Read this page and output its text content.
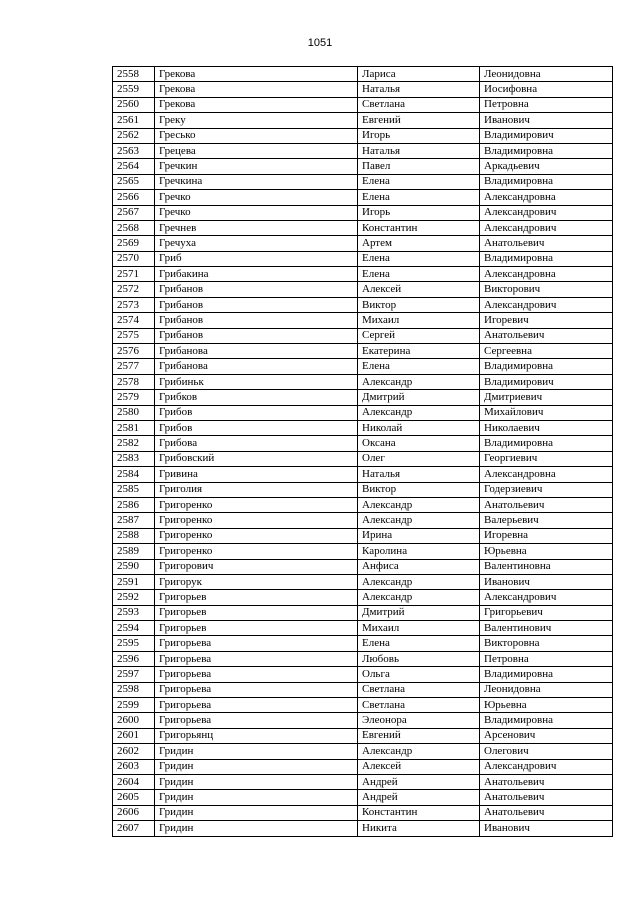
1051
2558	Грекова	Лариса	Леонидовна
2559	Грекова	Наталья	Иосифовна
2560	Грекова	Светлана	Петровна
2561	Греку	Евгений	Иванович
2562	Гресько	Игорь	Владимирович
2563	Грецева	Наталья	Владимировна
2564	Гречкин	Павел	Аркадьевич
2565	Гречкина	Елена	Владимировна
2566	Гречко	Елена	Александровна
2567	Гречко	Игорь	Александрович
2568	Гречнев	Константин	Александрович
2569	Гречуха	Артем	Анатольевич
2570	Гриб	Елена	Владимировна
2571	Грибакина	Елена	Александровна
2572	Грибанов	Алексей	Викторович
2573	Грибанов	Виктор	Александрович
2574	Грибанов	Михаил	Игоревич
2575	Грибанов	Сергей	Анатольевич
2576	Грибанова	Екатерина	Сергеевна
2577	Грибанова	Елена	Владимировна
2578	Грибиньк	Александр	Владимирович
2579	Грибков	Дмитрий	Дмитриевич
2580	Грибов	Александр	Михайлович
2581	Грибов	Николай	Николаевич
2582	Грибова	Оксана	Владимировна
2583	Грибовский	Олег	Георгиевич
2584	Гривина	Наталья	Александровна
2585	Григолия	Виктор	Годерзиевич
2586	Григоренко	Александр	Анатольевич
2587	Григоренко	Александр	Валерьевич
2588	Григоренко	Ирина	Игоревна
2589	Григоренко	Каролина	Юрьевна
2590	Григорович	Анфиса	Валентиновна
2591	Григорук	Александр	Иванович
2592	Григорьев	Александр	Александрович
2593	Григорьев	Дмитрий	Григорьевич
2594	Григорьев	Михаил	Валентинович
2595	Григорьева	Елена	Викторовна
2596	Григорьева	Любовь	Петровна
2597	Григорьева	Ольга	Владимировна
2598	Григорьева	Светлана	Леонидовна
2599	Григорьева	Светлана	Юрьевна
2600	Григорьева	Элеонора	Владимировна
2601	Григорьянц	Евгений	Арсенович
2602	Гридин	Александр	Олегович
2603	Гридин	Алексей	Александрович
2604	Гридин	Андрей	Анатольевич
2605	Гридин	Андрей	Анатольевич
2606	Гридин	Константин	Анатольевич
2607	Гридин	Никита	Иванович
